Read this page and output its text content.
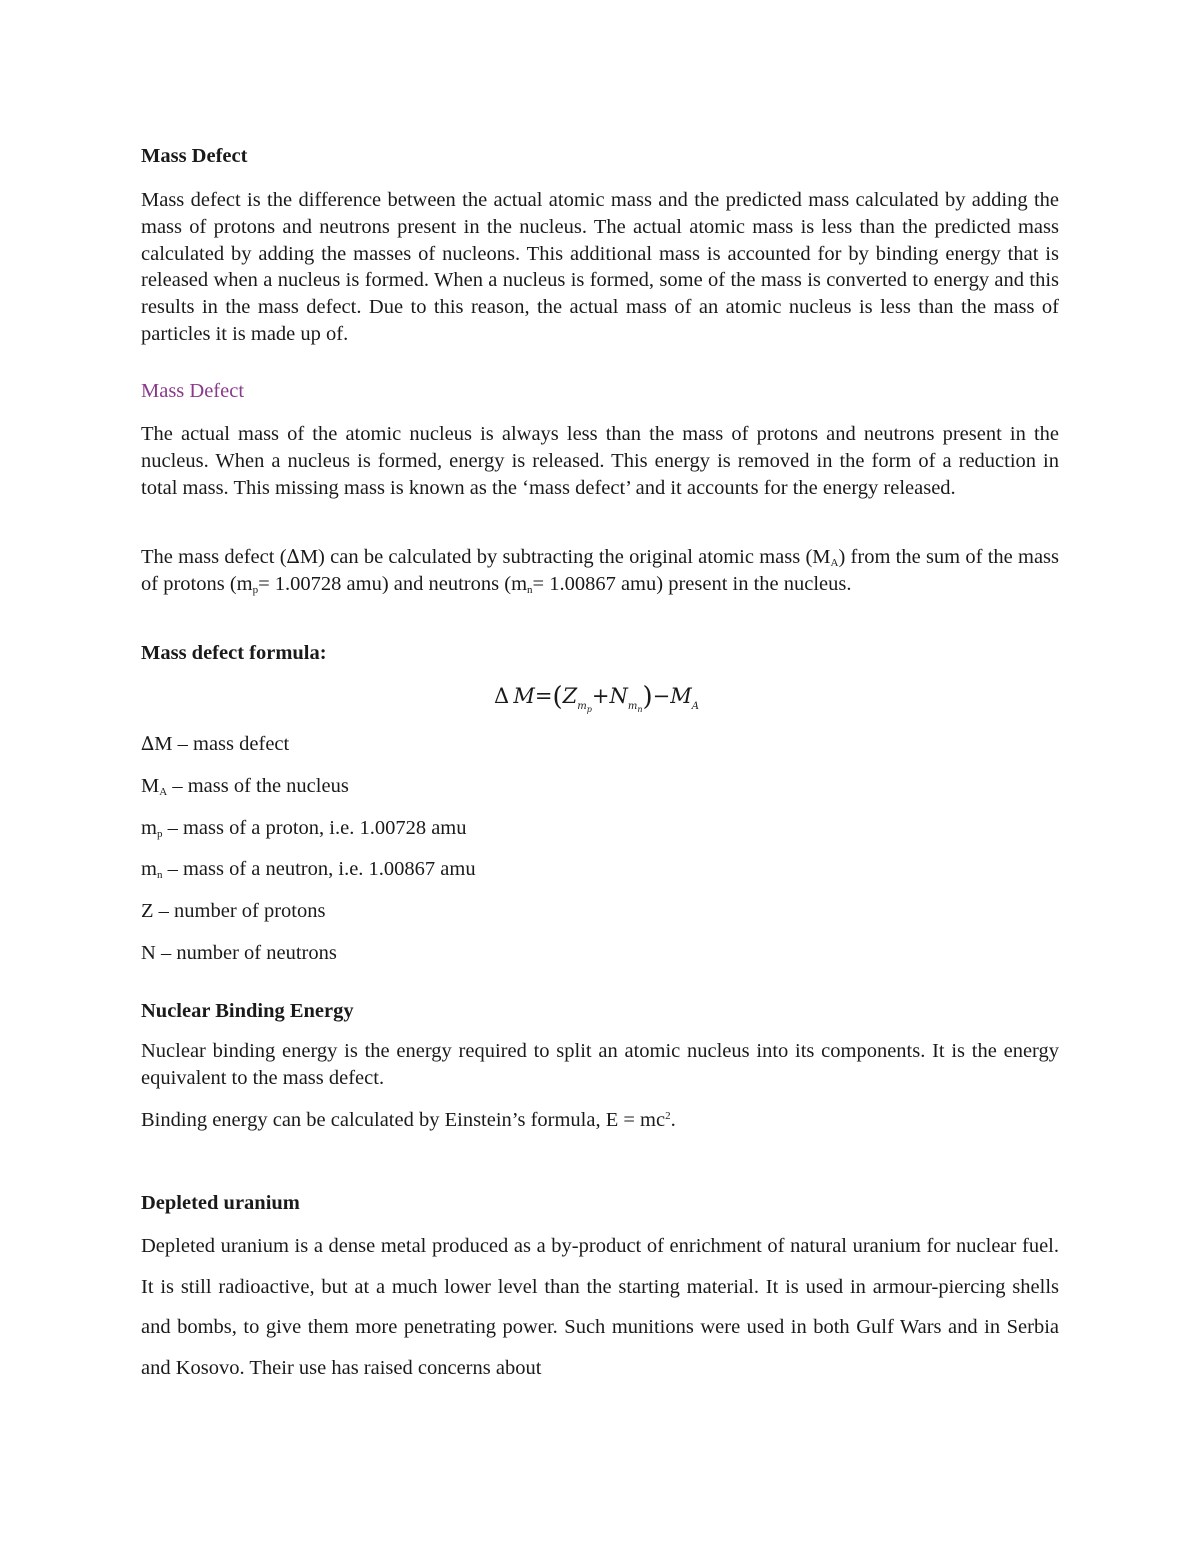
Mass Defect

Mass defect is the difference between the actual atomic mass and the predicted mass calculated by adding the mass of protons and neutrons present in the nucleus. The actual atomic mass is less than the predicted mass calculated by adding the masses of nucleons. This additional mass is accounted for by binding energy that is released when a nucleus is formed. When a nucleus is formed, some of the mass is converted to energy and this results in the mass defect. Due to this reason, the actual mass of an atomic nucleus is less than the mass of particles it is made up of.

Mass Defect

The actual mass of the atomic nucleus is always less than the mass of protons and neutrons present in the nucleus. When a nucleus is formed, energy is released. This energy is removed in the form of a reduction in total mass. This missing mass is known as the ‘mass defect’ and it accounts for the energy released.

The mass defect (∆M) can be calculated by subtracting the original atomic mass $(M_A)$ from the sum of the mass of protons ($m_p= 1.00728$ amu) and neutrons ($m_n= 1.00867$ amu) present in the nucleus.

Mass defect formula:
Δ  $M=(Z_{m_p}+N_{m_n})-M_A$

∆M – mass defect

$M_A$ – mass of the nucleus

$m_p$ – mass of a proton, i.e. 1.00728 amu

$m_n$ – mass of a neutron, i.e. 1.00867 amu

Z – number of protons

N – number of neutrons

Nuclear Binding Energy

Nuclear binding energy is the energy required to split an atomic nucleus into its components. It is the energy equivalent to the mass defect.

Binding energy can be calculated by Einstein’s formula, $E = mc^2$.

Depleted uranium

Depleted uranium is a dense metal produced as a by-product of enrichment of natural uranium for nuclear fuel. It is still radioactive, but at a much lower level than the starting material. It is used in armour-piercing shells and bombs, to give them more penetrating power. Such munitions were used in both Gulf Wars and in Serbia and Kosovo. Their use has raised concerns about
